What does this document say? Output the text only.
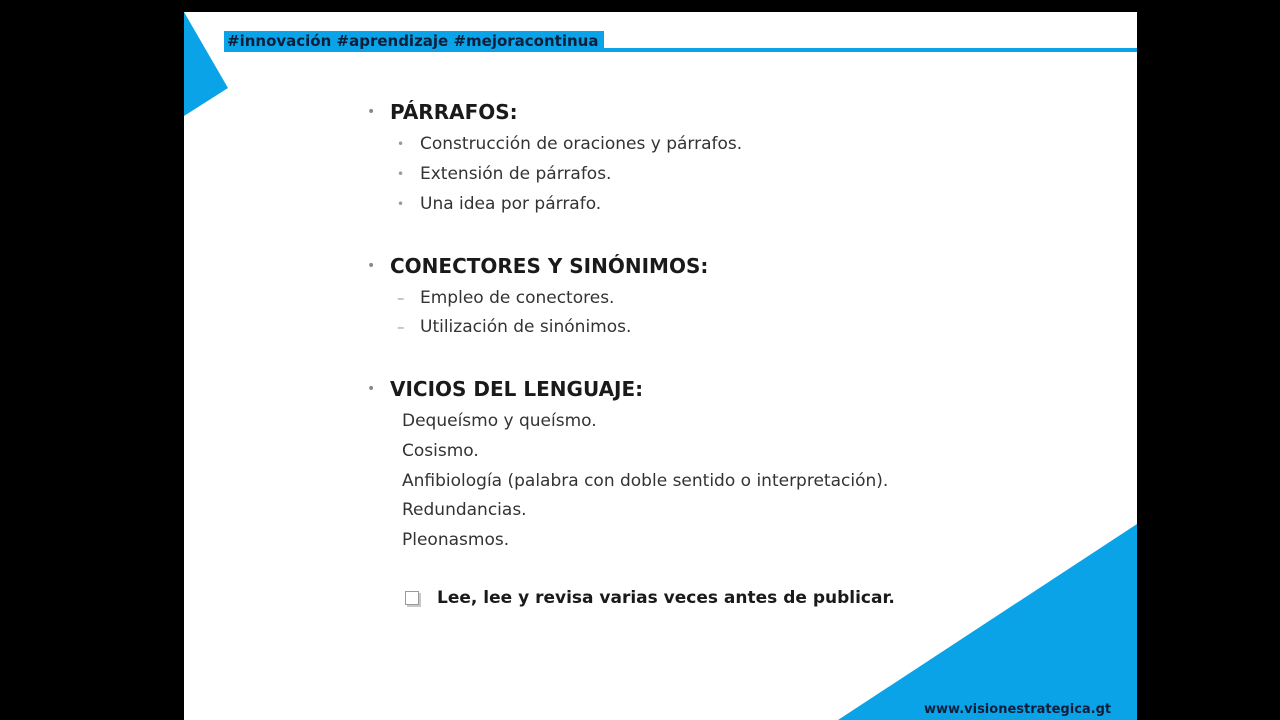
#innovación #aprendizaje #mejoracontinua
• PÁRRAFOS:
• Construcción de oraciones y párrafos.
• Extensión de párrafos.
• Una idea por párrafo.
• CONECTORES Y SINÓNIMOS:
– Empleo de conectores.
– Utilización de sinónimos.
• VICIOS DEL LENGUAJE:
Dequeísmo y queísmo.
Cosismo.
Anfibiología (palabra con doble sentido o interpretación).
Redundancias.
Pleonasmos.
Lee, lee y revisa varias veces antes de publicar.
www.visionestrategica.gt
